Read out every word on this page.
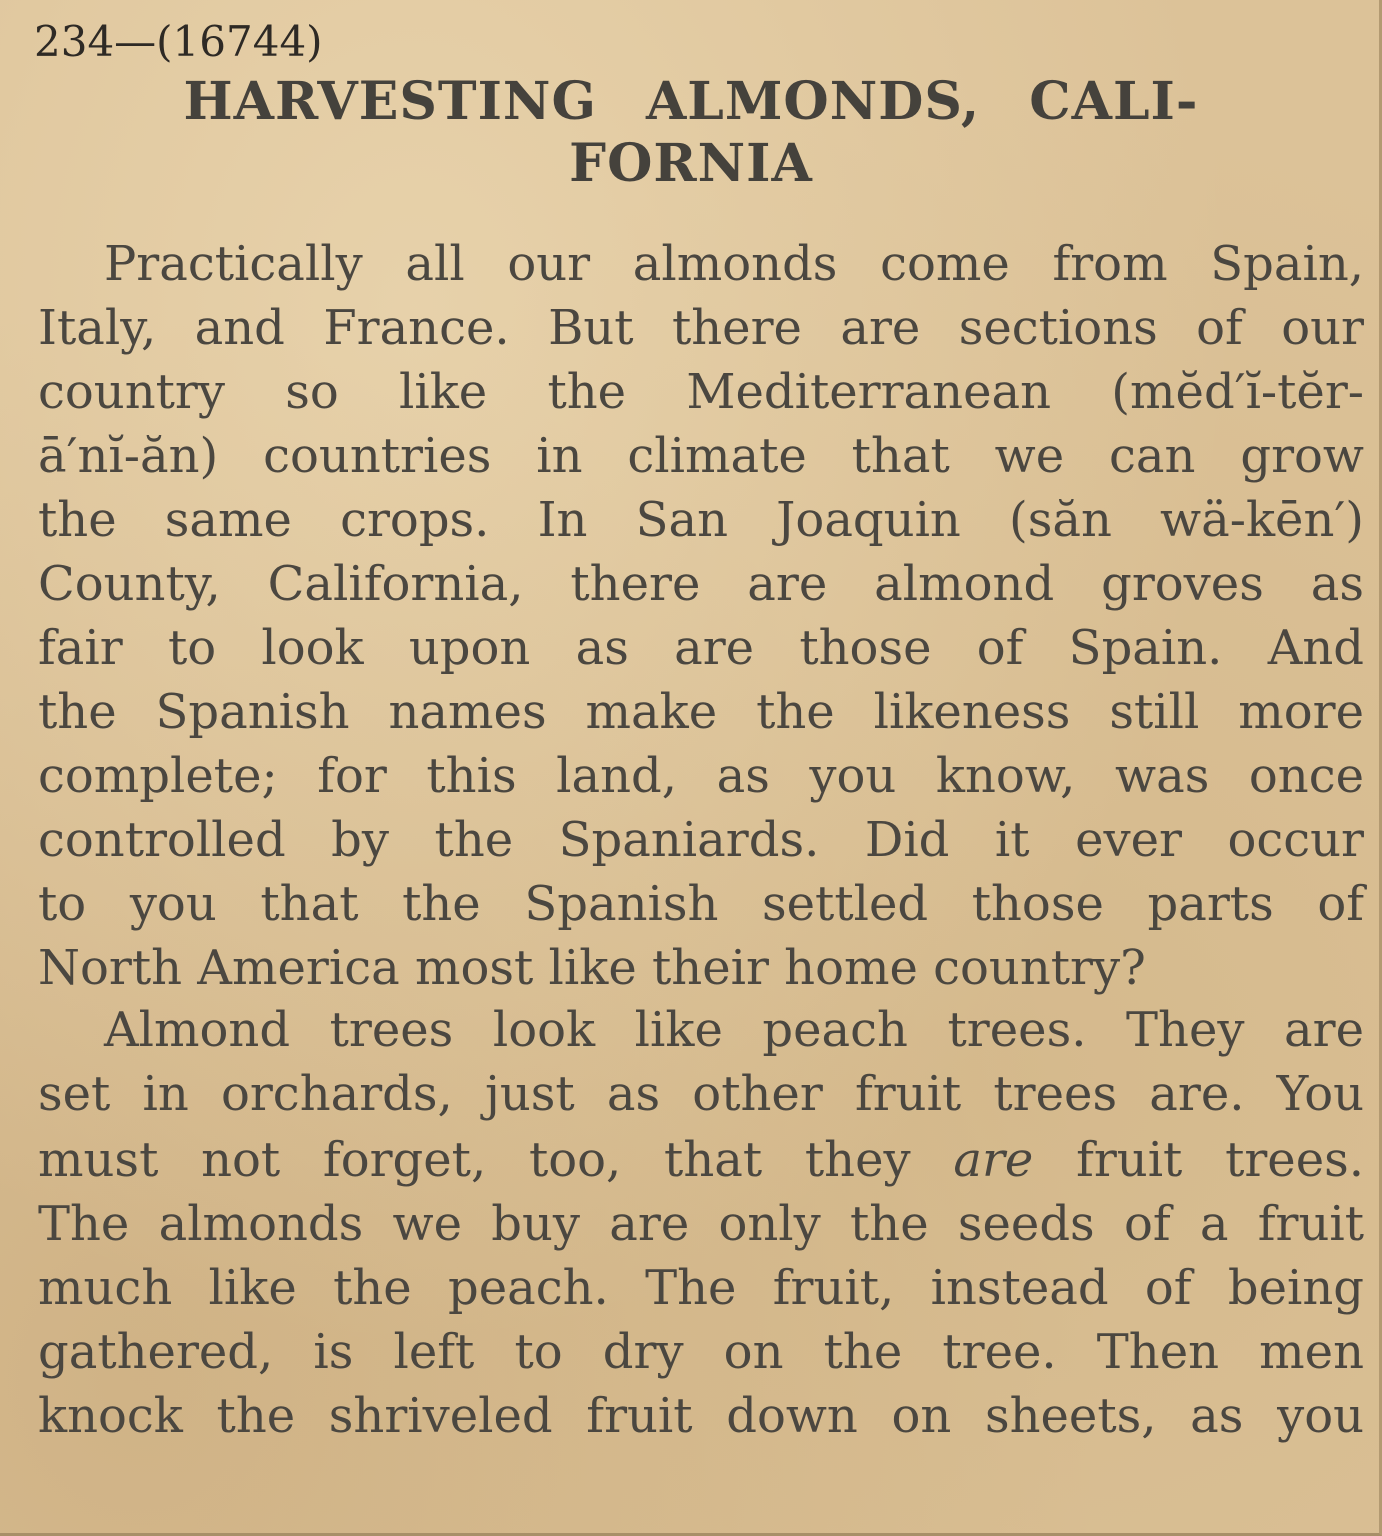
234—(16744)
HARVESTING ALMONDS, CALI-
FORNIA
Practically all our almonds come from Spain,
Italy, and France. But there are sections of our
country so like the Mediterranean (mĕd′ĭ-tĕr-
ā′nĭ-ăn) countries in climate that we can grow
the same crops. In San Joaquin (săn wä-kēn′)
County, California, there are almond groves as
fair to look upon as are those of Spain. And
the Spanish names make the likeness still more
complete; for this land, as you know, was once
controlled by the Spaniards. Did it ever occur
to you that the Spanish settled those parts of
North America most like their home country?
Almond trees look like peach trees. They are
set in orchards, just as other fruit trees are. You
must not forget, too, that they are fruit trees.
The almonds we buy are only the seeds of a fruit
much like the peach. The fruit, instead of being
gathered, is left to dry on the tree. Then men
knock the shriveled fruit down on sheets, as you
